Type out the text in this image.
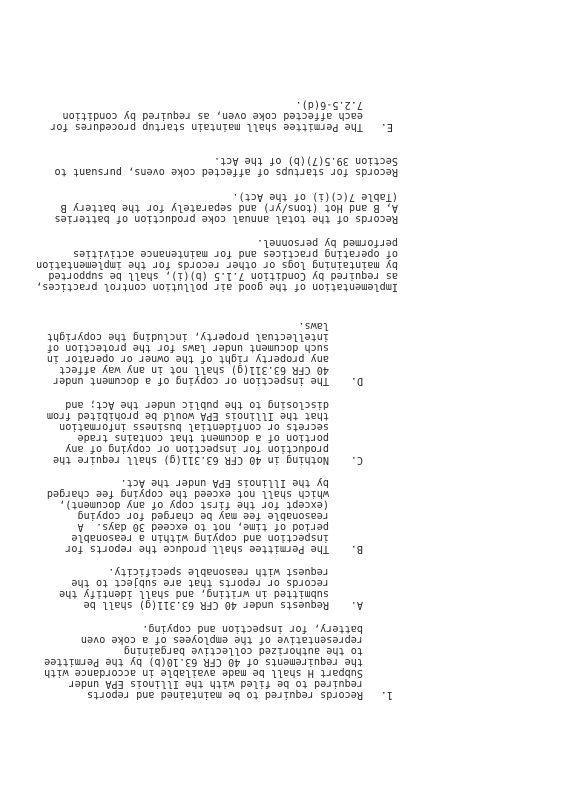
1.
Records required to be maintained and reports
required to be filed with the Illinois EPA under
Subpart H shall be made available in accordance with
the requirements of 40 CFR 63.10(b) by the Permittee
to the authorized collective bargaining
representative of the employees of a coke oven
battery, for inspection and copying.
A.
Requests under 40 CFR 63.311(g) shall be
submitted in writing, and shall identify the
records or reports that are subject to the
request with reasonable specificity.
B.
The Permittee shall produce the reports for
inspection and copying within a reasonable
period of time, not to exceed 30 days.  A
reasonable fee may be charged for copying
(except for the first copy of any document),
which shall not exceed the copying fee charged
by the Illinois EPA under the Act.
C.
Nothing in 40 CFR 63.311(g) shall require the
production for inspection or copying of any
portion of a document that contains trade
secrets or confidential business information
that the Illinois EPA would be prohibited from
disclosing to the public under the Act; and
D.
The inspection or copying of a document under
40 CFR 63.311(g) shall not in any way affect
any property right of the owner or operator in
such document under laws for the protection of
intellectual property, including the copyright
laws.
Implementation of the good air pollution control practices,
as required by Condition 7.1.5 (b)(i), shall be supported
by maintaining logs or other records for the implementation
of operating practices and for maintenance activities
performed by personnel.
Records of the total annual coke production of batteries
A, B and Hot (tons/yr) and separately for the battery B
(Table 7(c)(i) of the Act).
Records for startups of affected coke ovens, pursuant to
Section 39.5(7)(b) of the Act.
E.
The Permittee shall maintain startup procedures for
each affected coke oven, as required by condition
7.2.5-6(d).
